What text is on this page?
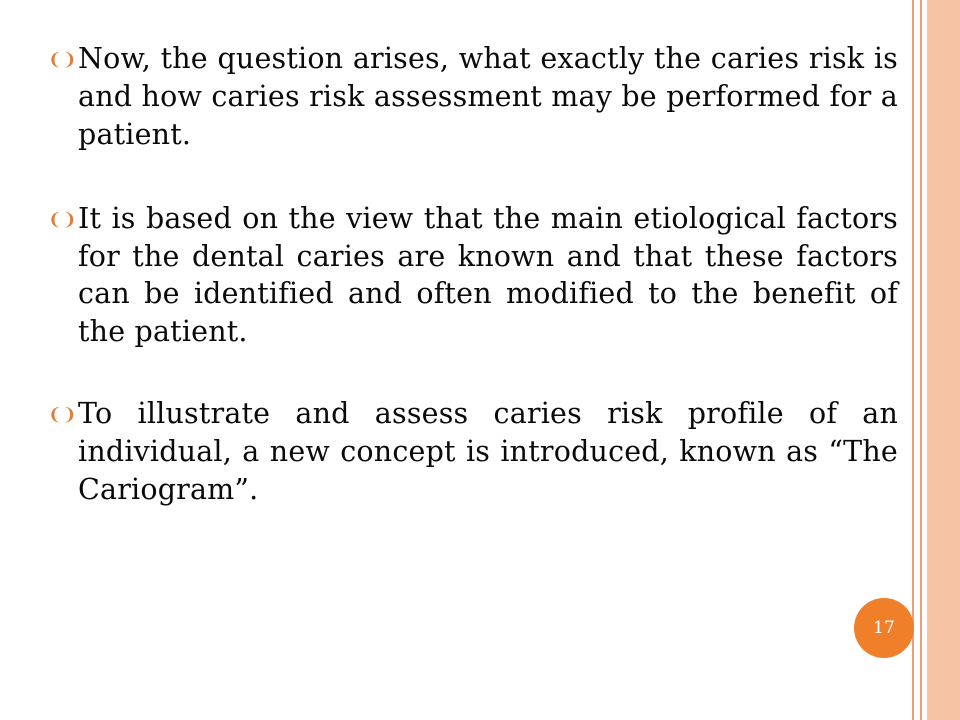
❨❩ Now, the question arises, what exactly the caries risk is and how caries risk assessment may be performed for a patient.
❨❩ It is based on the view that the main etiological factors for the dental caries are known and that these factors can be identified and often modified to the benefit of the patient.
❨❩ To illustrate and assess caries risk profile of an individual, a new concept is introduced, known as “The Cariogram”.
17
